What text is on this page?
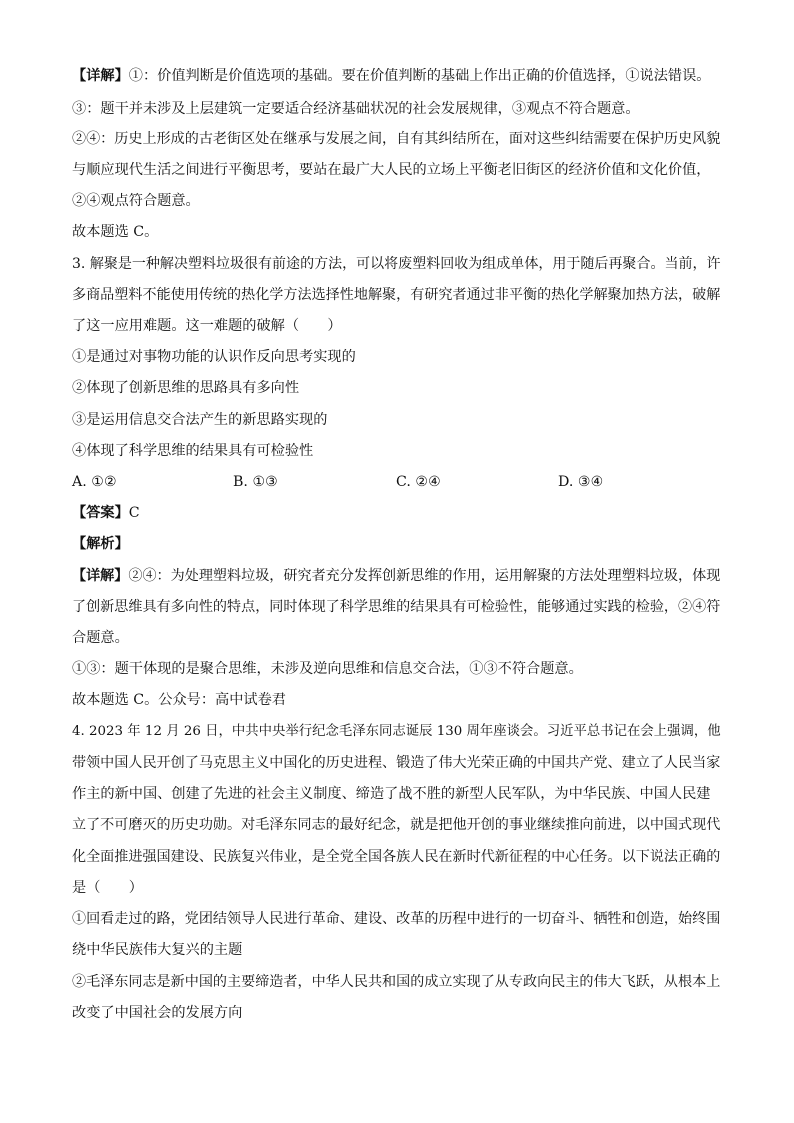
【详解】①：价值判断是价值选项的基础。要在价值判断的基础上作出正确的价值选择，①说法错误。
③：题干并未涉及上层建筑一定要适合经济基础状况的社会发展规律，③观点不符合题意。
②④：历史上形成的古老街区处在继承与发展之间，自有其纠结所在，面对这些纠结需要在保护历史风貌
与顺应现代生活之间进行平衡思考，要站在最广大人民的立场上平衡老旧街区的经济价值和文化价值，
②④观点符合题意。
故本题选 C。
3. 解聚是一种解决塑料垃圾很有前途的方法，可以将废塑料回收为组成单体，用于随后再聚合。当前，许
多商品塑料不能使用传统的热化学方法选择性地解聚，有研究者通过非平衡的热化学解聚加热方法，破解
了这一应用难题。这一难题的破解（　　）
①是通过对事物功能的认识作反向思考实现的
②体现了创新思维的思路具有多向性
③是运用信息交合法产生的新思路实现的
④体现了科学思维的结果具有可检验性
A. ①②	B. ①③	C. ②④	D. ③④
【答案】C
【解析】
【详解】②④：为处理塑料垃圾，研究者充分发挥创新思维的作用，运用解聚的方法处理塑料垃圾，体现
了创新思维具有多向性的特点，同时体现了科学思维的结果具有可检验性，能够通过实践的检验，②④符
合题意。
①③：题干体现的是聚合思维，未涉及逆向思维和信息交合法，①③不符合题意。
故本题选 C。公众号：高中试卷君
4. 2023 年 12 月 26 日，中共中央举行纪念毛泽东同志诞辰 130 周年座谈会。习近平总书记在会上强调，他
带领中国人民开创了马克思主义中国化的历史进程、锻造了伟大光荣正确的中国共产党、建立了人民当家
作主的新中国、创建了先进的社会主义制度、缔造了战不胜的新型人民军队，为中华民族、中国人民建
立了不可磨灭的历史功勋。对毛泽东同志的最好纪念，就是把他开创的事业继续推向前进，以中国式现代
化全面推进强国建设、民族复兴伟业，是全党全国各族人民在新时代新征程的中心任务。以下说法正确的
是（　　）
①回看走过的路，党团结领导人民进行革命、建设、改革的历程中进行的一切奋斗、牺牲和创造，始终围
绕中华民族伟大复兴的主题
②毛泽东同志是新中国的主要缔造者，中华人民共和国的成立实现了从专政向民主的伟大飞跃，从根本上
改变了中国社会的发展方向
